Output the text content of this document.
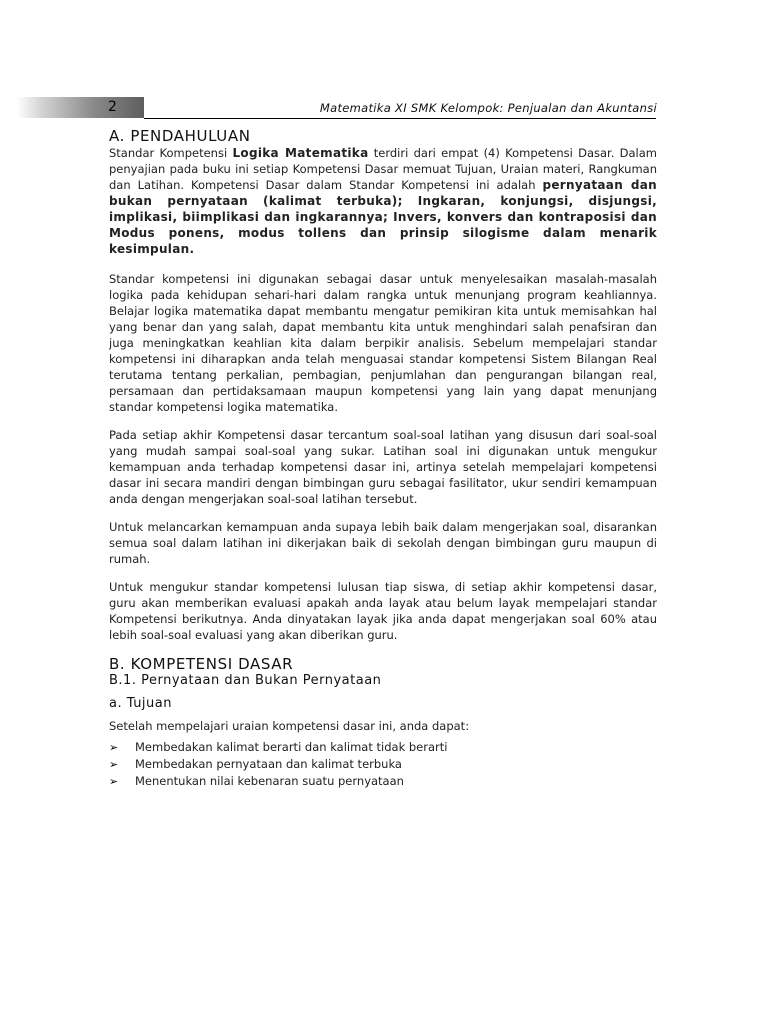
2	Matematika XI SMK Kelompok: Penjualan dan Akuntansi
A. PENDAHULUAN

Standar Kompetensi Logika Matematika terdiri dari empat (4) Kompetensi Dasar. Dalam penyajian pada buku ini setiap Kompetensi Dasar memuat Tujuan, Uraian materi, Rangkuman dan Latihan. Kompetensi Dasar dalam Standar Kompetensi ini adalah pernyataan dan bukan pernyataan (kalimat terbuka); Ingkaran, konjungsi, disjungsi, implikasi, biimplikasi dan ingkarannya; Invers, konvers dan kontraposisi dan Modus ponens, modus tollens dan prinsip silogisme dalam menarik kesimpulan.

Standar kompetensi ini digunakan sebagai dasar untuk menyelesaikan masalah-masalah logika pada kehidupan sehari-hari dalam rangka untuk menunjang program keahliannya. Belajar logika matematika dapat membantu mengatur pemikiran kita untuk memisahkan hal yang benar dan yang salah, dapat membantu kita untuk menghindari salah penafsiran dan juga meningkatkan keahlian kita dalam berpikir analisis. Sebelum mempelajari standar kompetensi ini diharapkan anda telah menguasai standar kompetensi Sistem Bilangan Real terutama tentang perkalian, pembagian, penjumlahan dan pengurangan bilangan real, persamaan dan pertidaksamaan maupun kompetensi yang lain yang dapat menunjang standar kompetensi logika matematika.

Pada setiap akhir Kompetensi dasar tercantum soal-soal latihan yang disusun dari soal-soal yang mudah sampai soal-soal yang sukar. Latihan soal ini digunakan untuk mengukur kemampuan anda terhadap kompetensi dasar ini, artinya setelah mempelajari kompetensi dasar ini secara mandiri dengan bimbingan guru sebagai fasilitator, ukur sendiri kemampuan anda dengan mengerjakan soal-soal latihan tersebut.

Untuk melancarkan kemampuan anda supaya lebih baik dalam mengerjakan soal, disarankan semua soal dalam latihan ini dikerjakan baik di sekolah dengan bimbingan guru maupun di rumah.

Untuk mengukur standar kompetensi lulusan tiap siswa, di setiap akhir kompetensi dasar, guru akan memberikan evaluasi apakah anda layak atau belum layak mempelajari standar Kompetensi berikutnya. Anda dinyatakan layak jika anda dapat mengerjakan soal 60% atau lebih soal-soal evaluasi yang akan diberikan guru.

B. KOMPETENSI DASAR
B.1. Pernyataan dan Bukan Pernyataan
a. Tujuan

Setelah mempelajari uraian kompetensi dasar ini, anda dapat:

➢	Membedakan kalimat berarti dan kalimat tidak berarti
➢	Membedakan pernyataan dan kalimat terbuka
➢	Menentukan nilai kebenaran suatu pernyataan
